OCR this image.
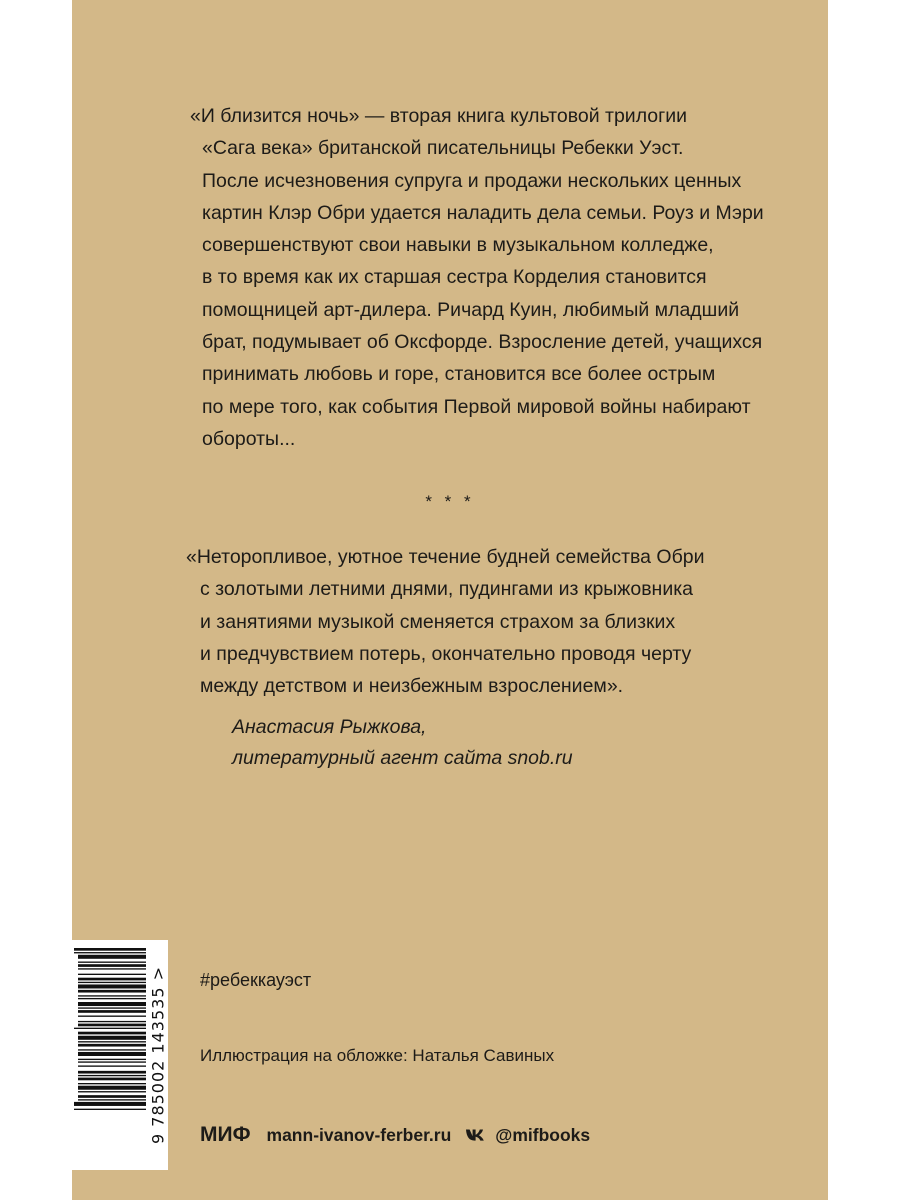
«И близится ночь» — вторая книга культовой трилогии
«Сага века» британской писательницы Ребекки Уэст.
После исчезновения супруга и продажи нескольких ценных
картин Клэр Обри удается наладить дела семьи. Роуз и Мэри
совершенствуют свои навыки в музыкальном колледже,
в то время как их старшая сестра Корделия становится
помощницей арт-дилера. Ричард Куин, любимый младший
брат, подумывает об Оксфорде. Взросление детей, учащихся
принимать любовь и горе, становится все более острым
по мере того, как события Первой мировой войны набирают
обороты...
* * *
«Неторопливое, уютное течение будней семейства Обри
с золотыми летними днями, пудингами из крыжовника
и занятиями музыкой сменяется страхом за близких
и предчувствием потерь, окончательно проводя черту
между детством и неизбежным взрослением».
Анастасия Рыжкова,
литературный агент сайта snob.ru
#ребеккауэст
Иллюстрация на обложке: Наталья Савиных
МИФ mann-ivanov-ferber.ru	@mifbooks
9 785002 143535 >
